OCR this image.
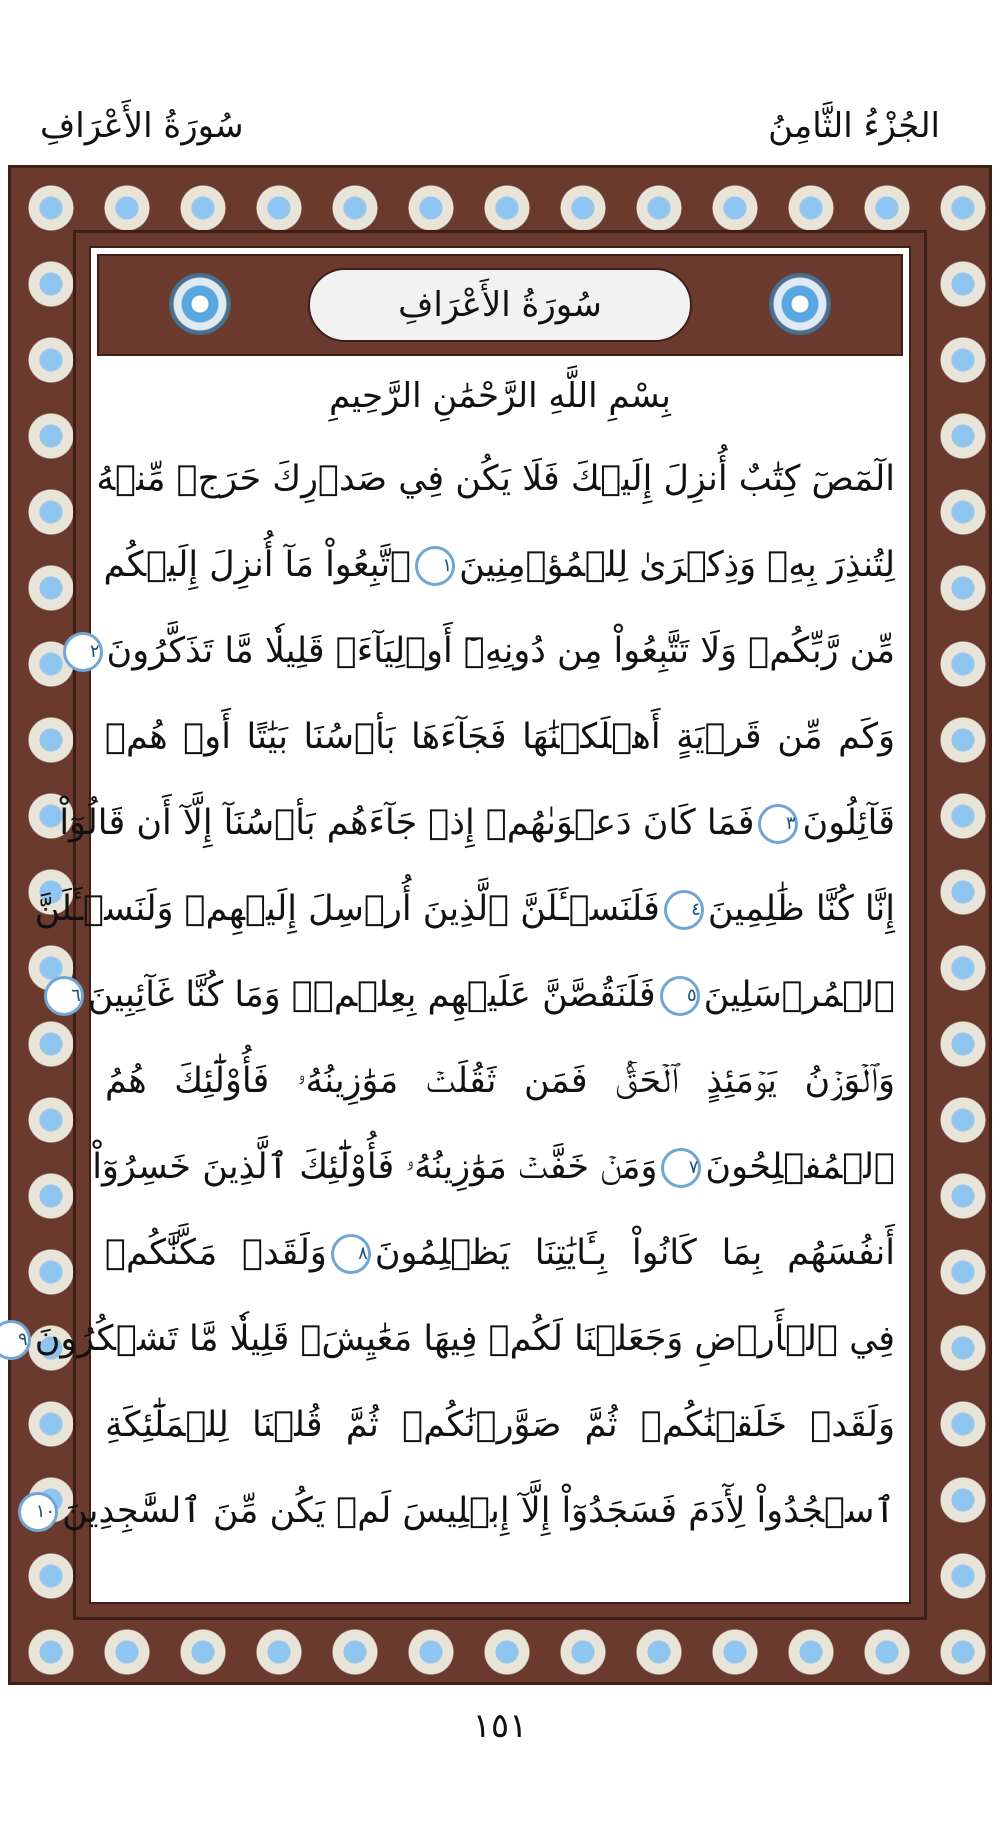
الجُزْءُ الثَّامِنُ
سُورَةُ الأَعْرَافِ
سُورَةُ الأَعْرَافِ
بِسْمِ اللَّهِ الرَّحْمَٰنِ الرَّحِيمِ
الٓمٓصٓ كِتَٰبٌ أُنزِلَ إِلَيۡكَ فَلَا يَكُن فِي صَدۡرِكَ حَرَجٞ مِّنۡهُ
لِتُنذِرَ بِهِۦ وَذِكۡرَىٰ لِلۡمُؤۡمِنِينَ١ٱتَّبِعُواْ مَآ أُنزِلَ إِلَيۡكُم
مِّن رَّبِّكُمۡ وَلَا تَتَّبِعُواْ مِن دُونِهِۦٓ أَوۡلِيَآءَۗ قَلِيلٗا مَّا تَذَكَّرُونَ٢
وَكَم مِّن قَرۡيَةٍ أَهۡلَكۡنَٰهَا فَجَآءَهَا بَأۡسُنَا بَيَٰتًا أَوۡ هُمۡ
قَآئِلُونَ٣فَمَا كَانَ دَعۡوَىٰهُمۡ إِذۡ جَآءَهُم بَأۡسُنَآ إِلَّآ أَن قَالُوٓاْ
إِنَّا كُنَّا ظَٰلِمِينَ٤فَلَنَسۡـَٔلَنَّ ٱلَّذِينَ أُرۡسِلَ إِلَيۡهِمۡ وَلَنَسۡـَٔلَنَّ
ٱلۡمُرۡسَلِينَ٥فَلَنَقُصَّنَّ عَلَيۡهِم بِعِلۡمٖۖ وَمَا كُنَّا غَآئِبِينَ٦
وَٱلۡوَزۡنُ يَوۡمَئِذٍ ٱلۡحَقُّۚ فَمَن ثَقُلَتۡ مَوَٰزِينُهُۥ فَأُوْلَٰٓئِكَ هُمُ
ٱلۡمُفۡلِحُونَ٧وَمَنۡ خَفَّتۡ مَوَٰزِينُهُۥ فَأُوْلَٰٓئِكَ ٱلَّذِينَ خَسِرُوٓاْ
أَنفُسَهُم بِمَا كَانُواْ بِـَٔايَٰتِنَا يَظۡلِمُونَ٨وَلَقَدۡ مَكَّنَّٰكُمۡ
فِي ٱلۡأَرۡضِ وَجَعَلۡنَا لَكُمۡ فِيهَا مَعَٰيِشَۗ قَلِيلٗا مَّا تَشۡكُرُونَ٩
وَلَقَدۡ خَلَقۡنَٰكُمۡ ثُمَّ صَوَّرۡنَٰكُمۡ ثُمَّ قُلۡنَا لِلۡمَلَٰٓئِكَةِ
ٱسۡجُدُواْ لِأٓدَمَ فَسَجَدُوٓاْ إِلَّآ إِبۡلِيسَ لَمۡ يَكُن مِّنَ ٱلسَّٰجِدِينَ١٠
١٥١
